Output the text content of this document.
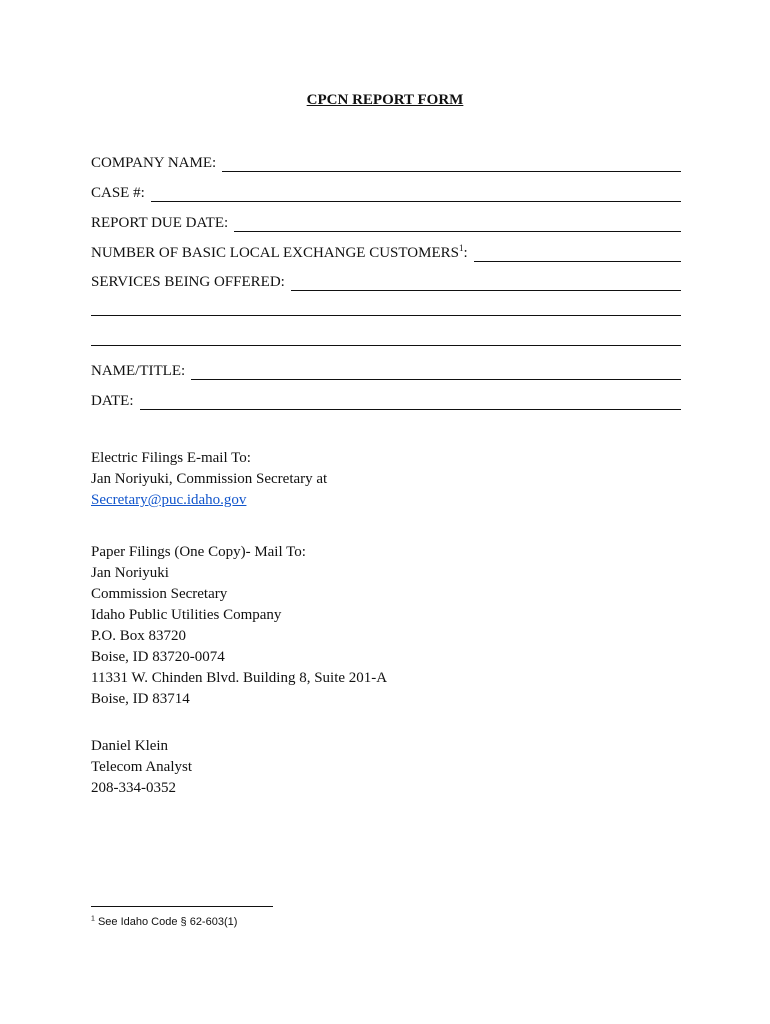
CPCN REPORT FORM
COMPANY NAME:
CASE #:
REPORT DUE DATE:
NUMBER OF BASIC LOCAL EXCHANGE CUSTOMERS$^1$:
SERVICES BEING OFFERED:
NAME/TITLE:
DATE:
Electric Filings E-mail To:
Jan Noriyuki, Commission Secretary at
Secretary@puc.idaho.gov
Paper Filings (One Copy)- Mail To:
Jan Noriyuki
Commission Secretary
Idaho Public Utilities Company
P.O. Box 83720
Boise, ID 83720-0074
11331 W. Chinden Blvd. Building 8, Suite 201-A
Boise, ID 83714
Daniel Klein
Telecom Analyst
208-334-0352
$^1$ See Idaho Code § 62-603(1)
